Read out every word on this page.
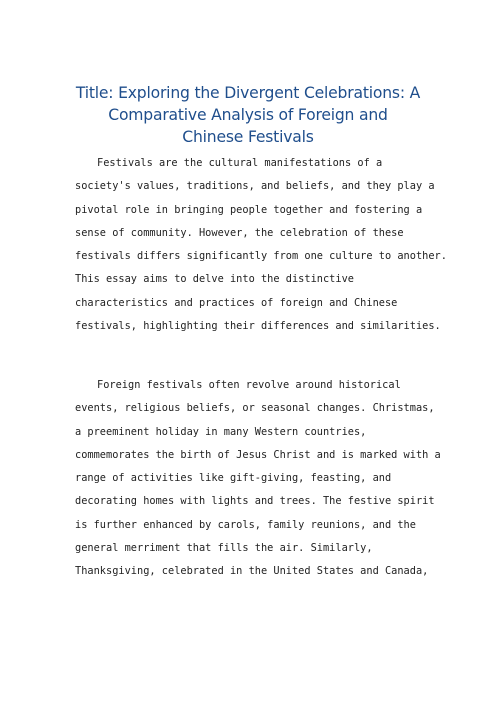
Title: Exploring the Divergent Celebrations: A
Comparative Analysis of Foreign and
Chinese Festivals
Festivals are the cultural manifestations of a
society's values, traditions, and beliefs, and they play a
pivotal role in bringing people together and fostering a
sense of community. However, the celebration of these
festivals differs significantly from one culture to another.
This essay aims to delve into the distinctive
characteristics and practices of foreign and Chinese
festivals, highlighting their differences and similarities.
Foreign festivals often revolve around historical
events, religious beliefs, or seasonal changes. Christmas,
a preeminent holiday in many Western countries,
commemorates the birth of Jesus Christ and is marked with a
range of activities like gift-giving, feasting, and
decorating homes with lights and trees. The festive spirit
is further enhanced by carols, family reunions, and the
general merriment that fills the air. Similarly,
Thanksgiving, celebrated in the United States and Canada,
